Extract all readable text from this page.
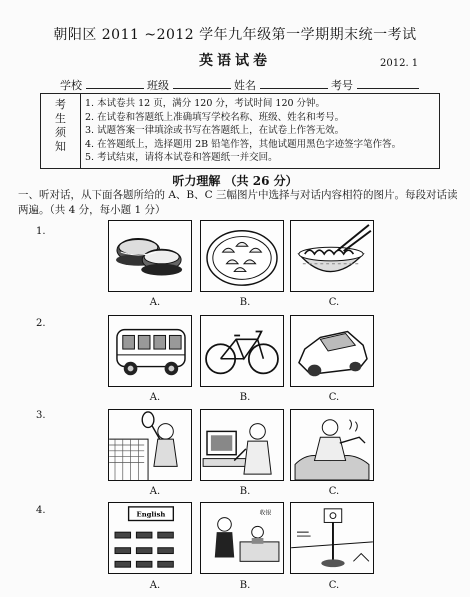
朝阳区 2011 ~2012 学年九年级第一学期期末统一考试
英语试卷	2012. 1
学校	班级	姓名	考号
考
生
须
知
1. 本试卷共 12 页，满分 120 分，考试时间 120 分钟。
2. 在试卷和答题纸上准确填写学校名称、班级、姓名和考号。
3. 试题答案一律填涂或书写在答题纸上，在试卷上作答无效。
4. 在答题纸上，选择题用 2B 铅笔作答，其他试题用黑色字迹签字笔作答。
5. 考试结束，请将本试卷和答题纸一并交回。
听力理解 （共 26 分）
一、听对话，从下面各题所给的 A、B、C 三幅图片中选择与对话内容相符的图片。每段对话读两遍。（共 4 分，每小题 1 分）
1.
A.	B.	C.
2.
A.	B.	C.
3.
A.	B.	C.
4.	English	收银
A.	B.	C.
